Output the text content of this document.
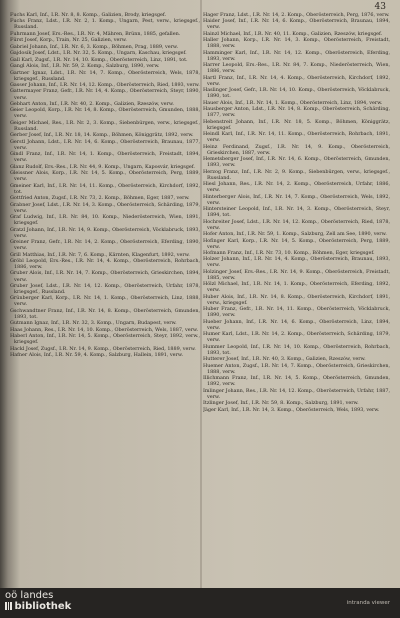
43

Fuchs Karl, Inf., I.R. Nr. 8, 8. Komp., Galizien, Brody, kriegsgef.

Fuchs Franz, Ldst., I.R. Nr. 2, 1. Komp., Ungarn, Pest, verw., kriegsgef., Russland.

Fuhrmann Josef, Ers.-Res., I.R. Nr. 4, Mähren, Brünn, 1885, gefallen.

Fürst Josef, Korp., Train, Nr. 25, Galizien, verw.

Gabriel Johann, Inf., I.R. Nr. 6, 3. Komp., Böhmen, Prag, 1889, verw.

Gajdosik Josef, Ldst., I.R. Nr. 32, 5. Komp., Ungarn, Kaschau, kriegsgef.

Gall Karl, Zugsf., I.R. Nr. 14, 10. Komp., Oberösterreich, Linz, 1891, tot.

Gangl Alois, Inf., I.R. Nr. 59, 2. Komp., Salzburg, 1890, verw.

Gartner Ignaz, Ldst., I.R. Nr. 14, 7. Komp., Oberösterreich, Wels, 1878, kriegsgef., Russland.

Gasser Johann, Inf., I.R. Nr. 14, 12. Komp., Oberösterreich, Ried, 1893, verw.

Gattermayer Franz, Gefr., I.R. Nr. 14, 4. Komp., Oberösterreich, Steyr, 1890, verw.

Gebhart Anton, Inf., I.R. Nr. 40, 2. Komp., Galizien, Rzeszów, verw.

Geier Leopold, Korp., I.R. Nr. 14, 8. Komp., Oberösterreich, Gmunden, 1888, verw.

Geiger Michael, Res., I.R. Nr. 2, 3. Komp., Siebenbürgen, verw., kriegsgef., Russland.

Gerber Josef, Inf., I.R. Nr. 18, 14. Komp., Böhmen, Königgrätz, 1892, verw.

Gerstl Johann, Ldst., I.R. Nr. 14, 6. Komp., Oberösterreich, Braunau, 1877, verw.

Gindl Franz, Inf., I.R. Nr. 14, 1. Komp., Oberösterreich, Freistadt, 1894, verw.

Glanz Rudolf, Ers.-Res., I.R. Nr. 44, 9. Komp., Ungarn, Kaposvár, kriegsgef.

Gleissner Alois, Korp., I.R. Nr. 14, 5. Komp., Oberösterreich, Perg, 1889, verw.

Gmeiner Karl, Inf., I.R. Nr. 14, 11. Komp., Oberösterreich, Kirchdorf, 1892, tot.

Gottfried Anton, Zugsf., I.R. Nr. 73, 2. Komp., Böhmen, Eger, 1887, verw.

Grabner Josef, Ldst., I.R. Nr. 14, 3. Komp., Oberösterreich, Schärding, 1879, verw.

Graf Ludwig, Inf., I.R. Nr. 84, 10. Komp., Niederösterreich, Wien, 1891, kriegsgef.

Gratzl Johann, Inf., I.R. Nr. 14, 9. Komp., Oberösterreich, Vöcklabruck, 1893, verw.

Greiner Franz, Gefr., I.R. Nr. 14, 2. Komp., Oberösterreich, Eferding, 1890, verw.

Grill Matthias, Inf., I.R. Nr. 7, 6. Komp., Kärnten, Klagenfurt, 1892, verw.

Gröbl Leopold, Ers.-Res., I.R. Nr. 14, 4. Komp., Oberösterreich, Rohrbach, 1886, verw.

Gruber Alois, Inf., I.R. Nr. 14, 7. Komp., Oberösterreich, Grieskirchen, 1894, verw.

Gruber Josef, Ldst., I.R. Nr. 14, 12. Komp., Oberösterreich, Urfahr, 1878, kriegsgef., Russland.

Grünberger Karl, Korp., I.R. Nr. 14, 1. Komp., Oberösterreich, Linz, 1888, verw.

Gschwandtner Franz, Inf., I.R. Nr. 14, 8. Komp., Oberösterreich, Gmunden, 1893, tot.

Gutmann Ignaz, Inf., I.R. Nr. 32, 3. Komp., Ungarn, Budapest, verw.

Haas Johann, Res., I.R. Nr. 14, 10. Komp., Oberösterreich, Wels, 1887, verw.

Haberl Anton, Inf., I.R. Nr. 14, 5. Komp., Oberösterreich, Steyr, 1892, verw., kriegsgef.

Hackl Josef, Zugsf., I.R. Nr. 14, 9. Komp., Oberösterreich, Ried, 1889, verw.

Hafner Alois, Inf., I.R. Nr. 59, 4. Komp., Salzburg, Hallein, 1891, verw.

Hager Franz, Ldst., I.R. Nr. 14, 2. Komp., Oberösterreich, Perg, 1876, verw.

Haider Josef, Inf., I.R. Nr. 14, 6. Komp., Oberösterreich, Braunau, 1894, verw.

Hainzl Michael, Inf., I.R. Nr. 40, 11. Komp., Galizien, Rzeszów, kriegsgef.

Haller Johann, Korp., I.R. Nr. 14, 3. Komp., Oberösterreich, Freistadt, 1888, verw.

Hamminger Karl, Inf., I.R. Nr. 14, 12. Komp., Oberösterreich, Eferding, 1893, verw.

Harrer Leopold, Ers.-Res., I.R. Nr. 84, 7. Komp., Niederösterreich, Wien, 1886, verw.

Hartl Franz, Inf., I.R. Nr. 14, 4. Komp., Oberösterreich, Kirchdorf, 1892, verw.

Haslinger Josef, Gefr., I.R. Nr. 14, 10. Komp., Oberösterreich, Vöcklabruck, 1890, tot.

Hauer Alois, Inf., I.R. Nr. 14, 1. Komp., Oberösterreich, Linz, 1894, verw.

Hausberger Anton, Ldst., I.R. Nr. 14, 8. Komp., Oberösterreich, Schärding, 1877, verw.

Hebenstreit Johann, Inf., I.R. Nr. 18, 5. Komp., Böhmen, Königgrätz, kriegsgef.

Heindl Karl, Inf., I.R. Nr. 14, 11. Komp., Oberösterreich, Rohrbach, 1891, verw.

Heinz Ferdinand, Zugsf., I.R. Nr. 14, 9. Komp., Oberösterreich, Grieskirchen, 1887, verw.

Hemetsberger Josef, Inf., I.R. Nr. 14, 6. Komp., Oberösterreich, Gmunden, 1893, verw.

Herzog Franz, Inf., I.R. Nr. 2, 9. Komp., Siebenbürgen, verw., kriegsgef., Russland.

Hiesl Johann, Res., I.R. Nr. 14, 2. Komp., Oberösterreich, Urfahr, 1886, verw.

Hinterberger Alois, Inf., I.R. Nr. 14, 7. Komp., Oberösterreich, Wels, 1892, verw.

Hintersteiner Leopold, Inf., I.R. Nr. 14, 3. Komp., Oberösterreich, Steyr, 1894, tot.

Hochreiter Josef, Ldst., I.R. Nr. 14, 12. Komp., Oberösterreich, Ried, 1878, verw.

Hofer Anton, Inf., I.R. Nr. 59, 1. Komp., Salzburg, Zell am See, 1890, verw.

Hofinger Karl, Korp., I.R. Nr. 14, 5. Komp., Oberösterreich, Perg, 1889, verw.

Hofmann Franz, Inf., I.R. Nr. 73, 10. Komp., Böhmen, Eger, kriegsgef.

Holzer Johann, Inf., I.R. Nr. 14, 4. Komp., Oberösterreich, Braunau, 1893, verw.

Holzinger Josef, Ers.-Res., I.R. Nr. 14, 9. Komp., Oberösterreich, Freistadt, 1885, verw.

Hölzl Michael, Inf., I.R. Nr. 14, 1. Komp., Oberösterreich, Eferding, 1892, verw.

Huber Alois, Inf., I.R. Nr. 14, 8. Komp., Oberösterreich, Kirchdorf, 1891, verw., kriegsgef.

Huber Franz, Gefr., I.R. Nr. 14, 11. Komp., Oberösterreich, Vöcklabruck, 1890, verw.

Hueber Johann, Inf., I.R. Nr. 14, 6. Komp., Oberösterreich, Linz, 1894, verw.

Humer Karl, Ldst., I.R. Nr. 14, 2. Komp., Oberösterreich, Schärding, 1879, verw.

Hummer Leopold, Inf., I.R. Nr. 14, 10. Komp., Oberösterreich, Rohrbach, 1893, tot.

Hutterer Josef, Inf., I.R. Nr. 40, 3. Komp., Galizien, Rzeszów, verw.

Huemer Anton, Zugsf., I.R. Nr. 14, 7. Komp., Oberösterreich, Grieskirchen, 1888, verw.

Illichmann Franz, Inf., I.R. Nr. 14, 5. Komp., Oberösterreich, Gmunden, 1892, verw.

Imlinger Johann, Res., I.R. Nr. 14, 12. Komp., Oberösterreich, Urfahr, 1887, verw.

Itzlinger Josef, Inf., I.R. Nr. 59, 8. Komp., Salzburg, 1891, verw.

Jäger Karl, Inf., I.R. Nr. 14, 3. Komp., Oberösterreich, Wels, 1893, verw.

oö landes
bibliothek	intranda viewer
